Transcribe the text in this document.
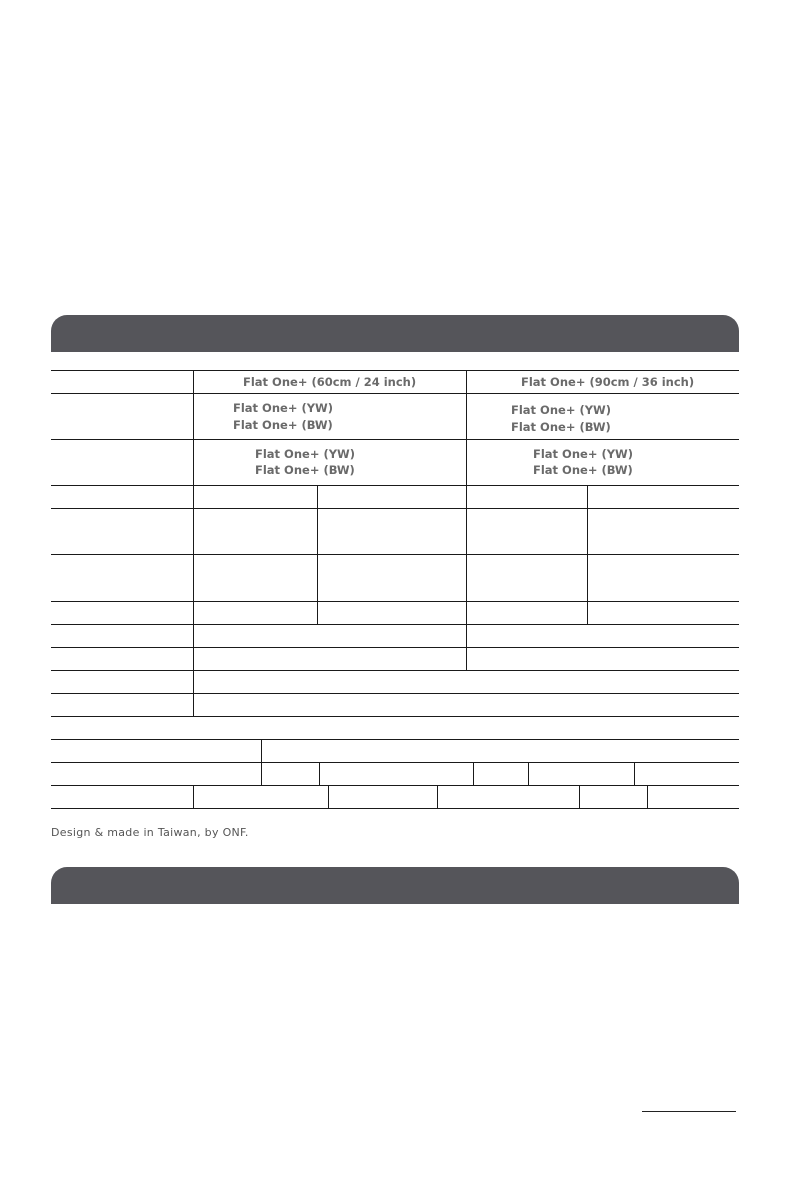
Flat One+ (60cm / 24 inch)	Flat One+ (90cm / 36 inch)
Flat One+ (YW)
Flat One+ (BW)
Flat One+ (YW)
Flat One+ (BW)
Flat One+ (YW)
Flat One+ (BW)
Flat One+ (YW)
Flat One+ (BW)
Design & made in Taiwan, by ONF.
